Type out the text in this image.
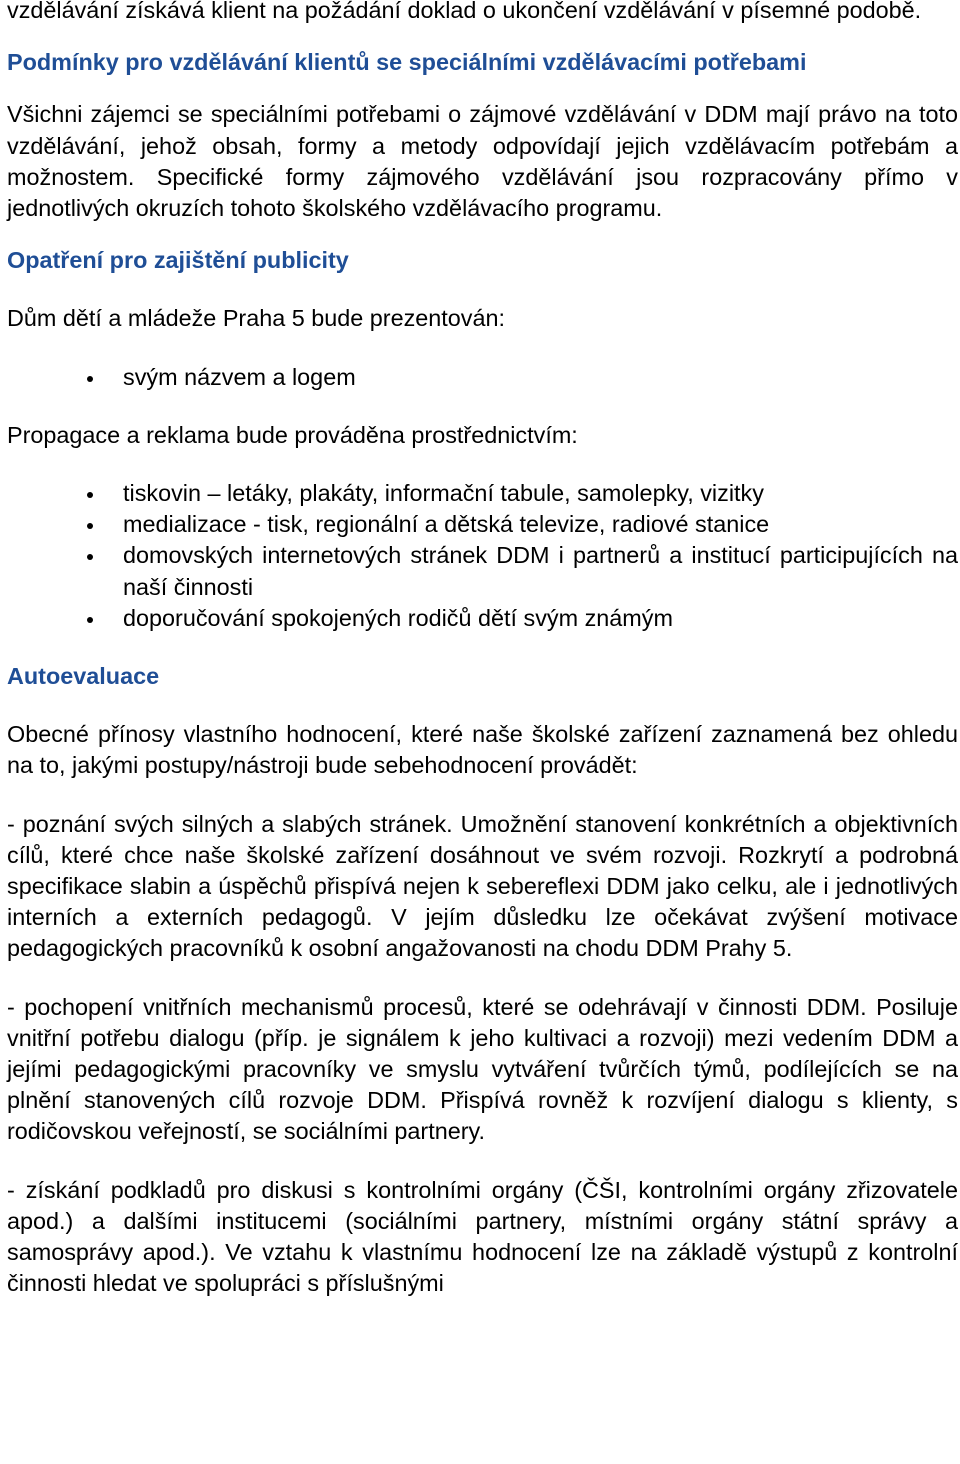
vzdělávání získává klient na požádání doklad o ukončení vzdělávání v písemné podobě.

Podmínky pro vzdělávání klientů se speciálními vzdělávacími potřebami

Všichni zájemci se speciálními potřebami o zájmové vzdělávání v DDM mají právo na toto vzdělávání, jehož obsah, formy a metody odpovídají jejich vzdělávacím potřebám a možnostem. Specifické formy zájmového vzdělávání jsou rozpracovány přímo v jednotlivých okruzích tohoto školského vzdělávacího programu.

Opatření pro zajištění publicity

Dům dětí a mládeže Praha 5 bude prezentován:

svým názvem a logem

Propagace a reklama bude prováděna prostřednictvím:

tiskovin – letáky, plakáty, informační tabule, samolepky, vizitky
medializace - tisk, regionální a dětská televize, radiové stanice
domovských internetových stránek DDM i partnerů a institucí participujících na naší činnosti
doporučování spokojených rodičů dětí svým známým
Autoevaluace

Obecné přínosy vlastního hodnocení, které naše školské zařízení zaznamená bez ohledu na to, jakými postupy/nástroji bude sebehodnocení provádět:

- poznání svých silných a slabých stránek. Umožnění stanovení konkrétních a objektivních cílů, které chce naše školské zařízení dosáhnout ve svém rozvoji. Rozkrytí a podrobná specifikace slabin a úspěchů přispívá nejen k sebereflexi DDM jako celku, ale i jednotlivých interních a externích pedagogů. V jejím důsledku lze očekávat zvýšení motivace pedagogických pracovníků k osobní angažovanosti na chodu DDM Prahy 5.

- pochopení vnitřních mechanismů procesů, které se odehrávají v činnosti DDM. Posiluje vnitřní potřebu dialogu (příp. je signálem k jeho kultivaci a rozvoji) mezi vedením DDM a jejími pedagogickými pracovníky ve smyslu vytváření tvůrčích týmů, podílejících se na plnění stanovených cílů rozvoje DDM. Přispívá rovněž k rozvíjení dialogu s klienty, s rodičovskou veřejností, se sociálními partnery.

- získání podkladů pro diskusi s kontrolními orgány (ČŠI, kontrolními orgány zřizovatele apod.) a dalšími institucemi (sociálními partnery, místními orgány státní správy a samosprávy apod.). Ve vztahu k vlastnímu hodnocení lze na základě výstupů z kontrolní činnosti hledat ve spolupráci s příslušnými
